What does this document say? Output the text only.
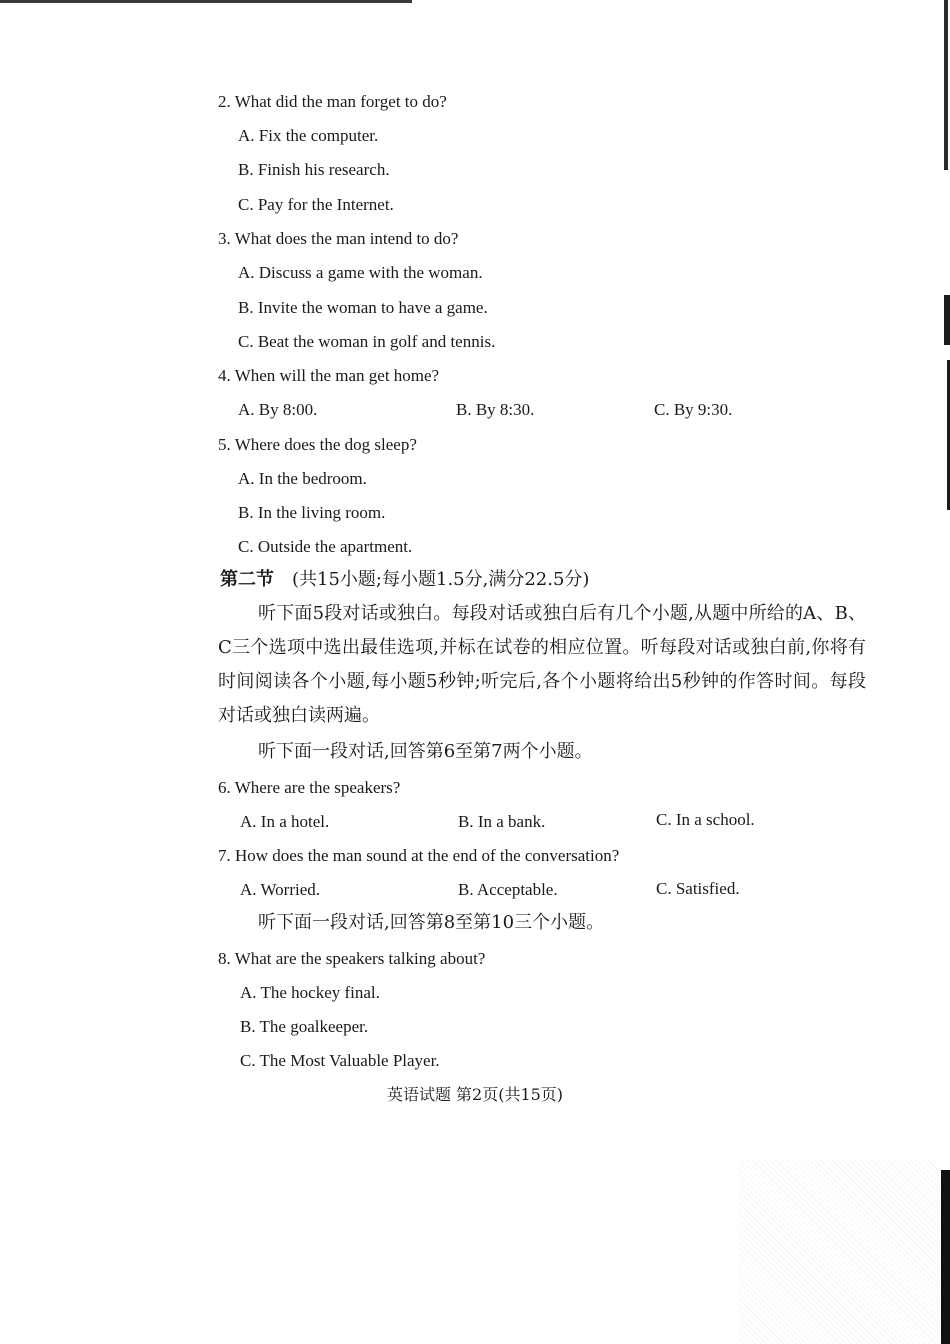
2. What did the man forget to do?
A. Fix the computer.
B. Finish his research.
C. Pay for the Internet.
3. What does the man intend to do?
A. Discuss a game with the woman.
B. Invite the woman to have a game.
C. Beat the woman in golf and tennis.
4. When will the man get home?
A. By 8:00.	B. By 8:30.	C. By 9:30.
5. Where does the dog sleep?
A. In the bedroom.
B. In the living room.
C. Outside the apartment.
第二节 (共15小题;每小题1.5分,满分22.5分)
听下面5段对话或独白。每段对话或独白后有几个小题,从题中所给的A、B、C三个选项中选出最佳选项,并标在试卷的相应位置。听每段对话或独白前,你将有时间阅读各个小题,每小题5秒钟;听完后,各个小题将给出5秒钟的作答时间。每段对话或独白读两遍。
听下面一段对话,回答第6至第7两个小题。
6. Where are the speakers?
A. In a hotel.	B. In a bank.	C. In a school.
7. How does the man sound at the end of the conversation?
A. Worried.	B. Acceptable.	C. Satisfied.
听下面一段对话,回答第8至第10三个小题。
8. What are the speakers talking about?
A. The hockey final.
B. The goalkeeper.
C. The Most Valuable Player.
英语试题 第2页(共15页)
